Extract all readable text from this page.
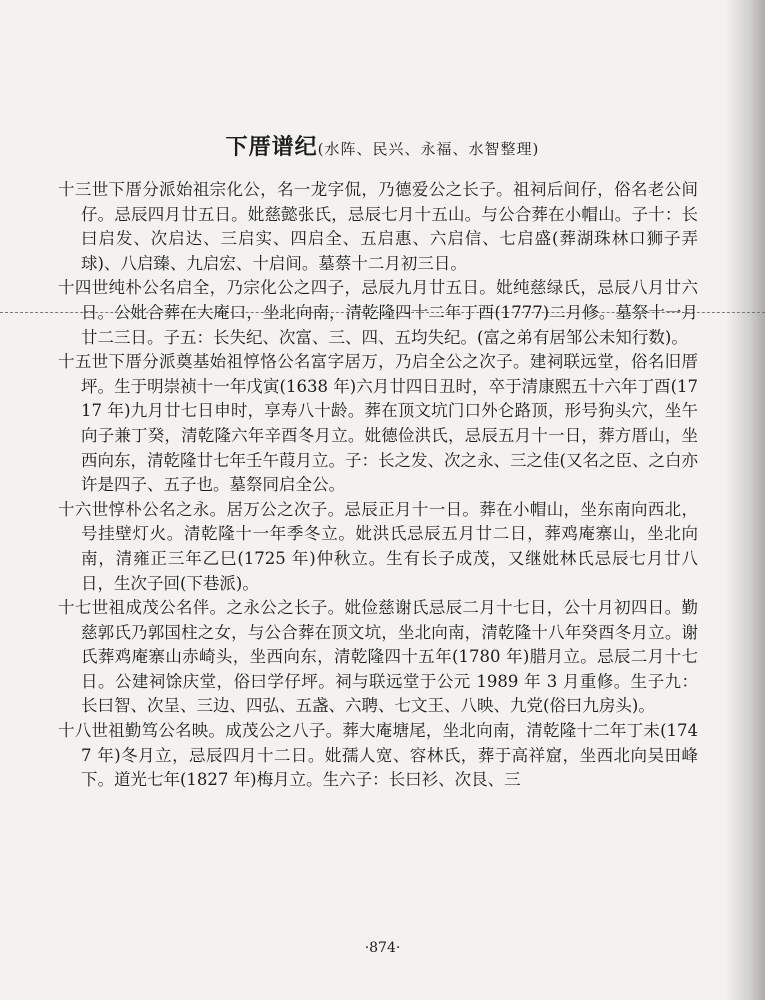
下厝谱纪(水阵、民兴、永福、水智整理)

十三世下厝分派始祖宗化公，名一龙字侃，乃德爱公之长子。祖祠后间仔，俗名老公间仔。忌辰四月廿五日。妣慈懿张氏，忌辰七月十五山。与公合葬在小帽山。子十：长曰启发、次启达、三启实、四启全、五启惠、六启信、七启盛(葬湖珠林口狮子弄球)、八启臻、九启宏、十启间。墓蔡十二月初三日。

十四世纯朴公名启全，乃宗化公之四子，忌辰九月廿五日。妣纯慈绿氏，忌辰八月廿六日。公妣合葬在大庵口，坐北向南，清乾隆四十二年丁酉(1777)二月修。墓祭十一月廿二三日。子五：长失纪、次富、三、四、五均失纪。(富之弟有居邹公未知行数)。

十五世下厝分派奠基始祖惇恪公名富字居万，乃启全公之次子。建祠联远堂，俗名旧厝坪。生于明崇祯十一年戊寅(1638 年)六月廿四日丑时，卒于清康熙五十六年丁酉(1717 年)九月廿七日申时，享寿八十龄。葬在顶文坑门口外仑路顶，形号狗头穴，坐午向子兼丁癸，清乾隆六年辛酉冬月立。妣德俭洪氏，忌辰五月十一日，葬方厝山，坐西向东，清乾隆廿七年壬午葭月立。子：长之发、次之永、三之佳(又名之臣、之白亦许是四子、五子也。墓祭同启全公。

十六世惇朴公名之永。居万公之次子。忌辰正月十一日。葬在小帽山，坐东南向西北，号挂壁灯火。清乾隆十一年季冬立。妣洪氏忌辰五月廿二日，葬鸡庵寨山，坐北向南，清雍正三年乙巳(1725 年)仲秋立。生有长子成茂，又继妣林氏忌辰七月廿八日，生次子回(下巷派)。

十七世祖成茂公名伴。之永公之长子。妣俭慈谢氏忌辰二月十七日，公十月初四日。勤慈郭氏乃郭国柱之女，与公合葬在顶文坑，坐北向南，清乾隆十八年癸酉冬月立。谢氏葬鸡庵寨山赤崎头，坐西向东，清乾隆四十五年(1780 年)腊月立。忌辰二月十七日。公建祠馀庆堂，俗曰学仔坪。祠与联远堂于公元 1989 年 3 月重修。生子九：长曰智、次呈、三边、四弘、五盏、六聘、七文王、八映、九党(俗曰九房头)。

十八世祖勤笃公名映。成茂公之八子。葬大庵塘尾，坐北向南，清乾隆十二年丁未(1747 年)冬月立，忌辰四月十二日。妣孺人宽、容林氏，葬于高祥窟，坐西北向吴田峰下。道光七年(1827 年)梅月立。生六子：长曰衫、次艮、三

·874·
